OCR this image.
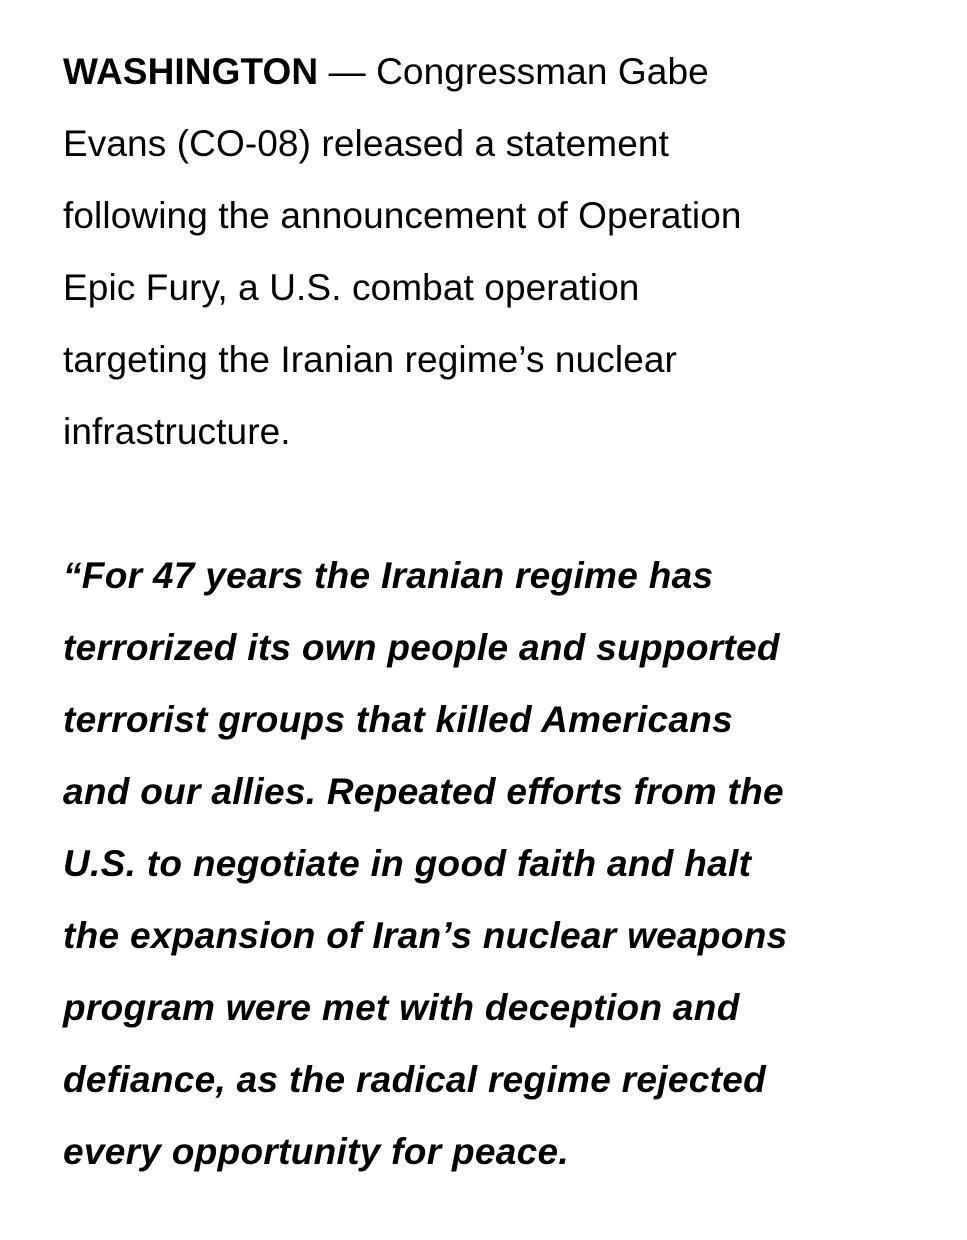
WASHINGTON — Congressman Gabe
Evans (CO-08) released a statement
following the announcement of Operation
Epic Fury, a U.S. combat operation
targeting the Iranian regime’s nuclear
infrastructure.
“For 47 years the Iranian regime has
terrorized its own people and supported
terrorist groups that killed Americans
and our allies. Repeated efforts from the
U.S. to negotiate in good faith and halt
the expansion of Iran’s nuclear weapons
program were met with deception and
defiance, as the radical regime rejected
every opportunity for peace.
